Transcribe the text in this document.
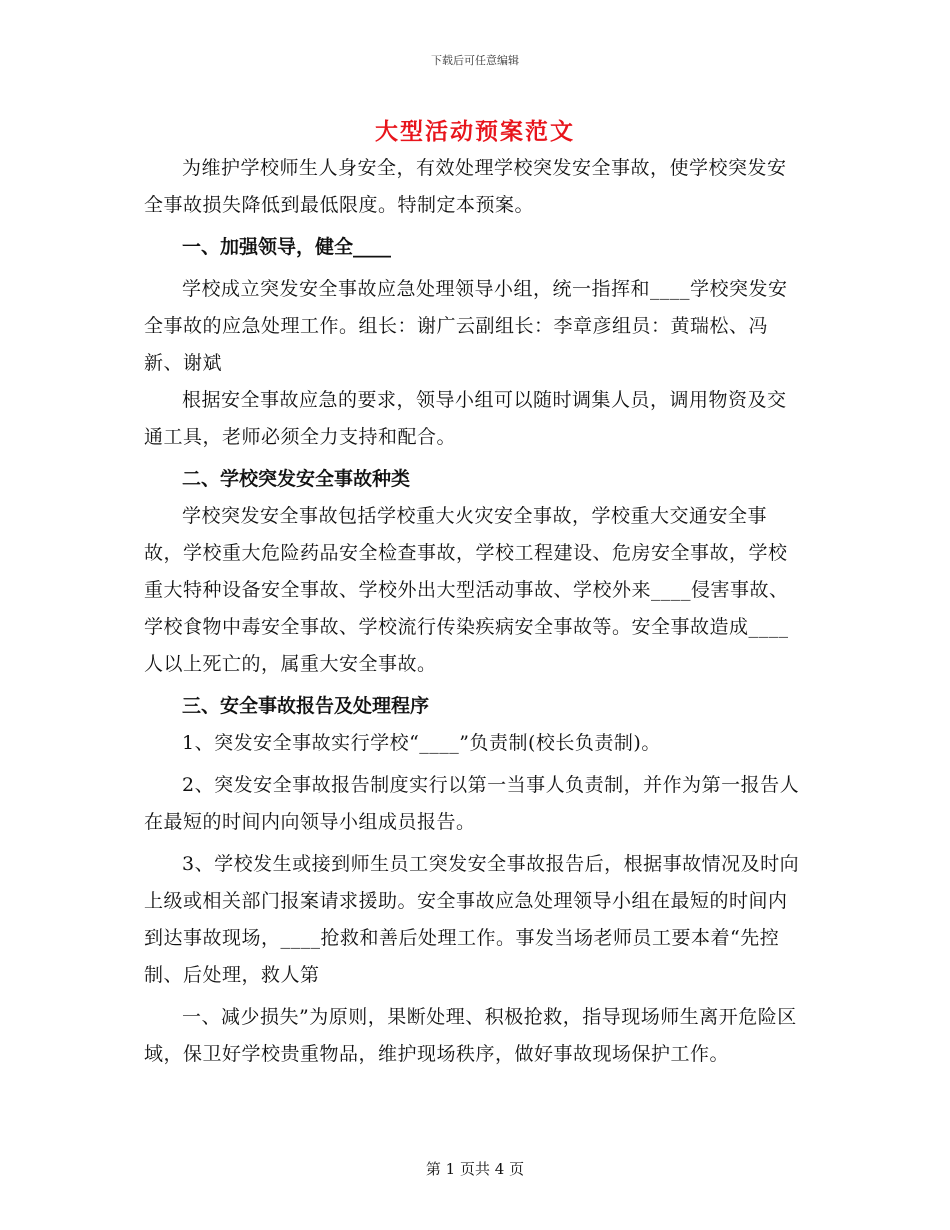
下载后可任意编辑
大型活动预案范文

为维护学校师生人身安全，有效处理学校突发安全事故，使学校突发安全事故损失降低到最低限度。特制定本预案。

一、加强领导，健全____

学校成立突发安全事故应急处理领导小组，统一指挥和____学校突发安全事故的应急处理工作。组长：谢广云副组长：李章彦组员：黄瑞松、冯新、谢斌

根据安全事故应急的要求，领导小组可以随时调集人员，调用物资及交通工具，老师必须全力支持和配合。

二、学校突发安全事故种类

学校突发安全事故包括学校重大火灾安全事故，学校重大交通安全事故，学校重大危险药品安全检查事故，学校工程建设、危房安全事故，学校重大特种设备安全事故、学校外出大型活动事故、学校外来____侵害事故、学校食物中毒安全事故、学校流行传染疾病安全事故等。安全事故造成____人以上死亡的，属重大安全事故。

三、安全事故报告及处理程序

1、突发安全事故实行学校“____”负责制(校长负责制)。

2、突发安全事故报告制度实行以第一当事人负责制，并作为第一报告人在最短的时间内向领导小组成员报告。

3、学校发生或接到师生员工突发安全事故报告后，根据事故情况及时向上级或相关部门报案请求援助。安全事故应急处理领导小组在最短的时间内到达事故现场，____抢救和善后处理工作。事发当场老师员工要本着“先控制、后处理，救人第

一、减少损失”为原则，果断处理、积极抢救，指导现场师生离开危险区域，保卫好学校贵重物品，维护现场秩序，做好事故现场保护工作。

第 1 页共 4 页
